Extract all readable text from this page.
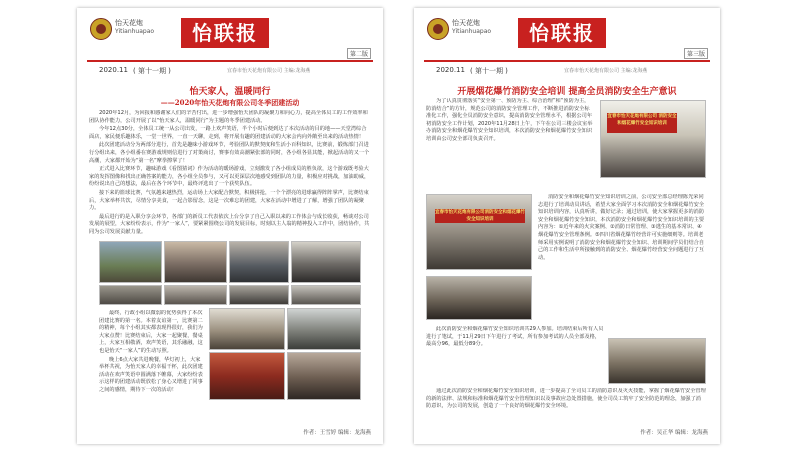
怡天花炮
Yitianhuapao	怡联报
第二版
2020.11 ( 第十一期 )	宜春市怡天花炮有限公司 主编:龙海燕
怡天家人，温暖同行
——2020年怡天花炮有限公司冬季团建活动

2020年12月，为回报和感谢家人们的辛苦付出，进一步增强怡天团队的凝聚力和向心力，提高全体员工的工作效率和团队协作能力，公司开展了以“怡天家人，温暖同行”为主题的冬季团建活动。

今年12点30分，全体员工统一从公司出发，一路上欢声笑语，半个小时后便到达了本次活动的目的地——天堂湾综合面店，家民便乐趣体乐，一堂一世界，一直一天聊，走到，将开展有趣的团建活动的大家会内向外敞至出来的活动热情！

此次团建活动分为两部分进行，首先是趣味小游戏环节，考验团队的默契度和生活小百科知识，比赛前，锻炼部门召进行分组出来，各小组番在赛游戏规则信进行了对策商讨，赛事有效高潮紧张部的同时，各小组各显其能，掀起活动的又一个高潮，大家都开始为“第一名”摩拳擦掌了！

正式进入比赛环节，趣味游戏《看图猜词》作为活动的暖场游戏，立刻激发了各小组成员的胜负欲，这个游戏既考验大家的发挥图像和找出正确答案的能力，各小组全员参与，又可以更深层次地感受到团队的力量，积极应对挑战，加油助威，纷纷说出自己的想法，最后在各个环节中，最终评选出了一个获奖队伍。

接下来的篮球比赛，气氛越来越热烈，运动场上大家配合默契，积极拼抢，一个个漂亮的进球赢得阵阵掌声，比赛结束后，大家举杯共饮，尽情分享美食，一起合影留念，这是一次难忘的团建，大家在活动中增进了了解，增强了团队的凝聚力。

最后进行的是入职分享会环节，各部门的新员工代表依次上台分享了自己入职以来的工作体会与成长收获，畅谈对公司发展的展望，大家纷纷表示，作为“一家人”，要紧紧围绕公司的发展目标，时刻以主人翁的精神投入工作中，团结协作，共同为公司发展贡献力量。

最终，行政小组以微弱的优势获得了本次团建比赛的第一名。本着友谊第一，比赛第二的精神，每个小组其实都表现得很好，我们为大家点赞！比赛结束后，大家一起聚餐，餐桌上，大家互相敬酒，欢声笑语，其乐融融，这也是怡天“一家人”的生动写照。

晚上6点大家共进晚餐，华灯初上，大家举杯共祝，为怡天家人的幸福干杯，此次团建活动在欢声笑语中圆满落下帷幕，大家纷纷表示这样的团建活动既放松了身心又增进了同事之间的感情，期待下一次的活动！

作者：王雪婷 编辑：龙海燕
怡天花炮
Yitianhuapao	怡联报
第三版
2020.11 ( 第十一期 )	宜春市怡天花炮有限公司 主编:龙海燕
开展烟花爆竹消防安全培训 提高全员消防安全生产意识

为了认真贯彻落实“安全第一、预防为主、综合治理”和“预防为主，防消结合”的方针，规范公司的消防安全管理工作，不断推进消防安全标准化工作，强化全员消防安全意识，提高消防安全管理水平，根据公司年初消防安全工作计划，2020年11月28日上午，下午在公司三楼会议室举办消防安全和烟花爆竹安全知识培训，本次消防安全和烟花爆竹安全知识培训由公司安全部司负责召开。

宜春市怡天花炮有限公司 消防安全和烟花爆竹安全知识培训
宜春市怡天花炮有限公司消防安全和烟花爆竹安全知识培训

消防安全和烟花爆竹安全知识培训之前，公司安全部总经理陈光荣同志进行了培训动员讲话，希望大家全面学习本次消防安全和烟花爆竹安全知识培训内容，认真听讲，做好记录；通过培训，使大家掌握更多的消防安全和烟花爆竹安全知识，本次消防安全和烟花爆竹安全知识培训的主要内容为：①近年来的火灾案例、②消防日常管理、③逃生的基本常识、④烟花爆竹安全管理条例。⑤四川省烟花爆竹经营许可实施细则等。培训老师采用实例说明了消防安全和烟花爆竹安全知识、培训期间学员们结合自己的工作和生活中所接触到的消防安全、烟花爆竹经营安全问题进行了互动。

此次消防安全和烟花爆竹安全知识培训共29人参加。培训结束后所有人员进行了笔试，于11月29日下午进行了考试，所有参加考试的人员全部及格，最高分96，最低分89分。

通过此次消防安全和烟花爆竹安全知识培训，进一步提高了全司员工的消防意识及灭火技能，掌握了烟花爆竹安全管理的新的法律、法规和标准和烟花爆竹安全管理知识以及事故应急处置措施，使全司员工筑牢了安全防范的理念，加强了消防意识，为公司的发展，创造了一个良好的烟花爆竹安全环境。

作者：吴正华 编辑：龙海燕
